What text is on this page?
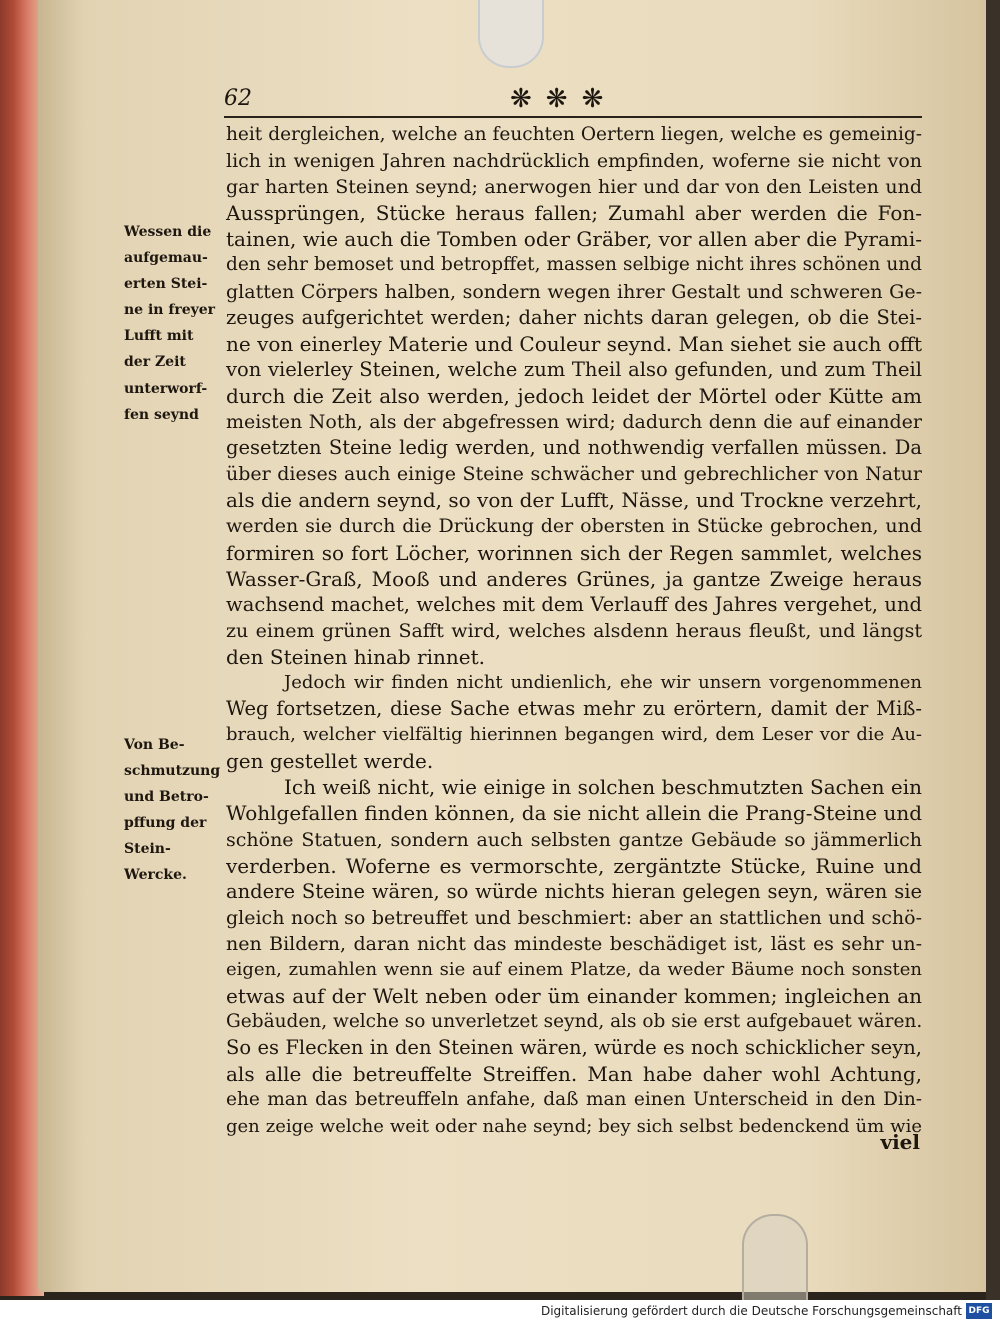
62	❋❋❋
heit dergleichen, welche an feuchten Oertern liegen, welche es gemeinig-
lich in wenigen Jahren nachdrücklich empfinden, woferne sie nicht von
gar harten Steinen seynd; anerwogen hier und dar von den Leisten und
Aussprüngen, Stücke heraus fallen; Zumahl aber werden die Fon-
tainen, wie auch die Tomben oder Gräber, vor allen aber die Pyrami-
den sehr bemoset und betropffet, massen selbige nicht ihres schönen und
glatten Cörpers halben, sondern wegen ihrer Gestalt und schweren Ge-
zeuges aufgerichtet werden; daher nichts daran gelegen, ob die Stei-
ne von einerley Materie und Couleur seynd. Man siehet sie auch offt
von vielerley Steinen, welche zum Theil also gefunden, und zum Theil
durch die Zeit also werden, jedoch leidet der Mörtel oder Kütte am
meisten Noth, als der abgefressen wird; dadurch denn die auf einander
gesetzten Steine ledig werden, und nothwendig verfallen müssen. Da
über dieses auch einige Steine schwächer und gebrechlicher von Natur
als die andern seynd, so von der Lufft, Nässe, und Trockne verzehrt,
werden sie durch die Drückung der obersten in Stücke gebrochen, und
formiren so fort Löcher, worinnen sich der Regen sammlet, welches
Wasser-Graß, Mooß und anderes Grünes, ja gantze Zweige heraus
wachsend machet, welches mit dem Verlauff des Jahres vergehet, und
zu einem grünen Safft wird, welches alsdenn heraus fleußt, und längst
den Steinen hinab rinnet.
Jedoch wir finden nicht undienlich, ehe wir unsern vorgenommenen
Weg fortsetzen, diese Sache etwas mehr zu erörtern, damit der Miß-
brauch, welcher vielfältig hierinnen begangen wird, dem Leser vor die Au-
gen gestellet werde.
Ich weiß nicht, wie einige in solchen beschmutzten Sachen ein
Wohlgefallen finden können, da sie nicht allein die Prang-Steine und
schöne Statuen, sondern auch selbsten gantze Gebäude so jämmerlich
verderben. Woferne es vermorschte, zergäntzte Stücke, Ruine und
andere Steine wären, so würde nichts hieran gelegen seyn, wären sie
gleich noch so betreuffet und beschmiert: aber an stattlichen und schö-
nen Bildern, daran nicht das mindeste beschädiget ist, läst es sehr un-
eigen, zumahlen wenn sie auf einem Platze, da weder Bäume noch sonsten
etwas auf der Welt neben oder üm einander kommen; ingleichen an
Gebäuden, welche so unverletzet seynd, als ob sie erst aufgebauet wären.
So es Flecken in den Steinen wären, würde es noch schicklicher seyn,
als alle die betreuffelte Streiffen. Man habe daher wohl Achtung,
ehe man das betreuffeln anfahe, daß man einen Unterscheid in den Din-
gen zeige welche weit oder nahe seynd; bey sich selbst bedenckend üm wie
Wessen die
aufgemau-
erten Stei-
ne in freyer
Lufft mit
der Zeit
unterworf-
fen seynd
Von Be-
schmutzung
und Betro-
pffung der
Stein-
Wercke.
viel
Digitalisierung gefördert durch die Deutsche Forschungsgemeinschaft DFG
